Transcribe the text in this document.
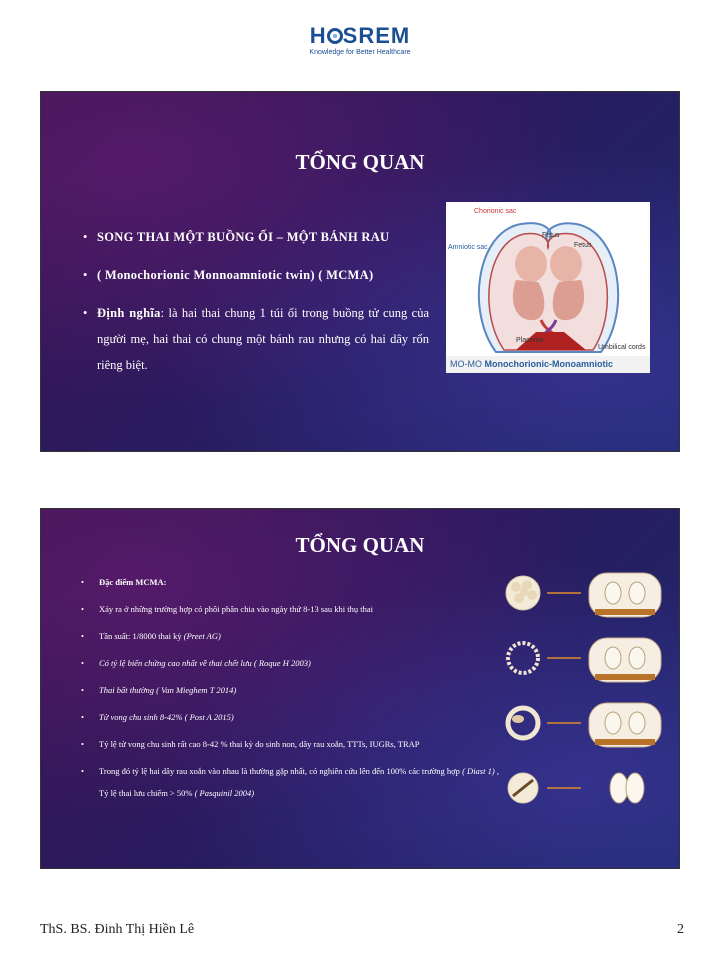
H SREM
Knowledge for Better Healthcare
TỔNG QUAN
• SONG THAI MỘT BUỒNG ỐI – MỘT BÁNH RAU
• ( Monochorionic Monnoamniotic twin) ( MCMA)
• Định nghĩa: là hai thai chung 1 túi ối trong buồng tử cung của người mẹ, hai thai có chung một bánh rau nhưng có hai dây rốn riêng biệt.
Chorionic sac
Amniotic sac
Fetus
Fetus
Placenta
Umbilical cords
MO-MO Monochorionic-Monoamniotic
TỔNG QUAN
• Đặc điểm MCMA:
• Xảy ra ở những trường hợp có phôi phân chia vào ngày thứ 8-13 sau khi thụ thai
• Tần suất: 1/8000 thai kỳ (Preet AG)
• Có tỷ lệ biến chứng cao nhất về thai chết lưu ( Roque H 2003)
• Thai bất thường ( Van Mieghem T 2014)
• Tử vong chu sinh 8-42% ( Post A 2015)
• Tỷ lệ tử vong chu sinh rất cao 8-42 % thai kỳ do sinh non, dây rau xoắn, TTTs, IUGRs, TRAP
• Trong đó tỷ lệ hai dây rau xoắn vào nhau là thường gặp nhất, có nghiên cứu lên đến 100% các trường hợp ( Diast 1) , Tỷ lệ thai lưu chiếm > 50% ( Pasquinil 2004)
ThS. BS. Đinh Thị Hiền Lê	2
